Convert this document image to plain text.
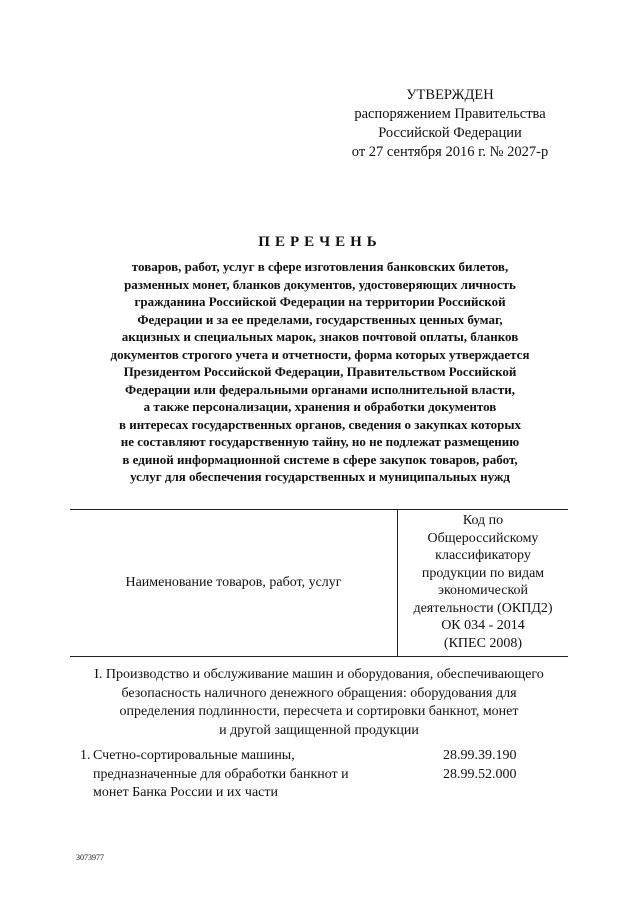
УТВЕРЖДЕН
распоряжением Правительства
Российской Федерации
от 27 сентября 2016 г. № 2027-р
ПЕРЕЧЕНЬ
товаров, работ, услуг в сфере изготовления банковских билетов,
разменных монет, бланков документов, удостоверяющих личность
гражданина Российской Федерации на территории Российской
Федерации и за ее пределами, государственных ценных бумаг,
акцизных и специальных марок, знаков почтовой оплаты, бланков
документов строгого учета и отчетности, форма которых утверждается
Президентом Российской Федерации, Правительством Российской
Федерации или федеральными органами исполнительной власти,
а также персонализации, хранения и обработки документов
в интересах государственных органов, сведения о закупках которых
не составляют государственную тайну, но не подлежат размещению
в единой информационной системе в сфере закупок товаров, работ,
услуг для обеспечения государственных и муниципальных нужд
Наименование товаров, работ, услуг
Код по
Общероссийскому
классификатору
продукции по видам
экономической
деятельности (ОКПД2)
ОК 034 - 2014
(КПЕС 2008)
I. Производство и обслуживание машин и оборудования, обеспечивающего
безопасность наличного денежного обращения: оборудования для
определения подлинности, пересчета и сортировки банкнот, монет
и другой защищенной продукции
1. Счетно-сортировальные машины,
предназначенные для обработки банкнот и
монет Банка России и их части
28.99.39.190
28.99.52.000
3073977
